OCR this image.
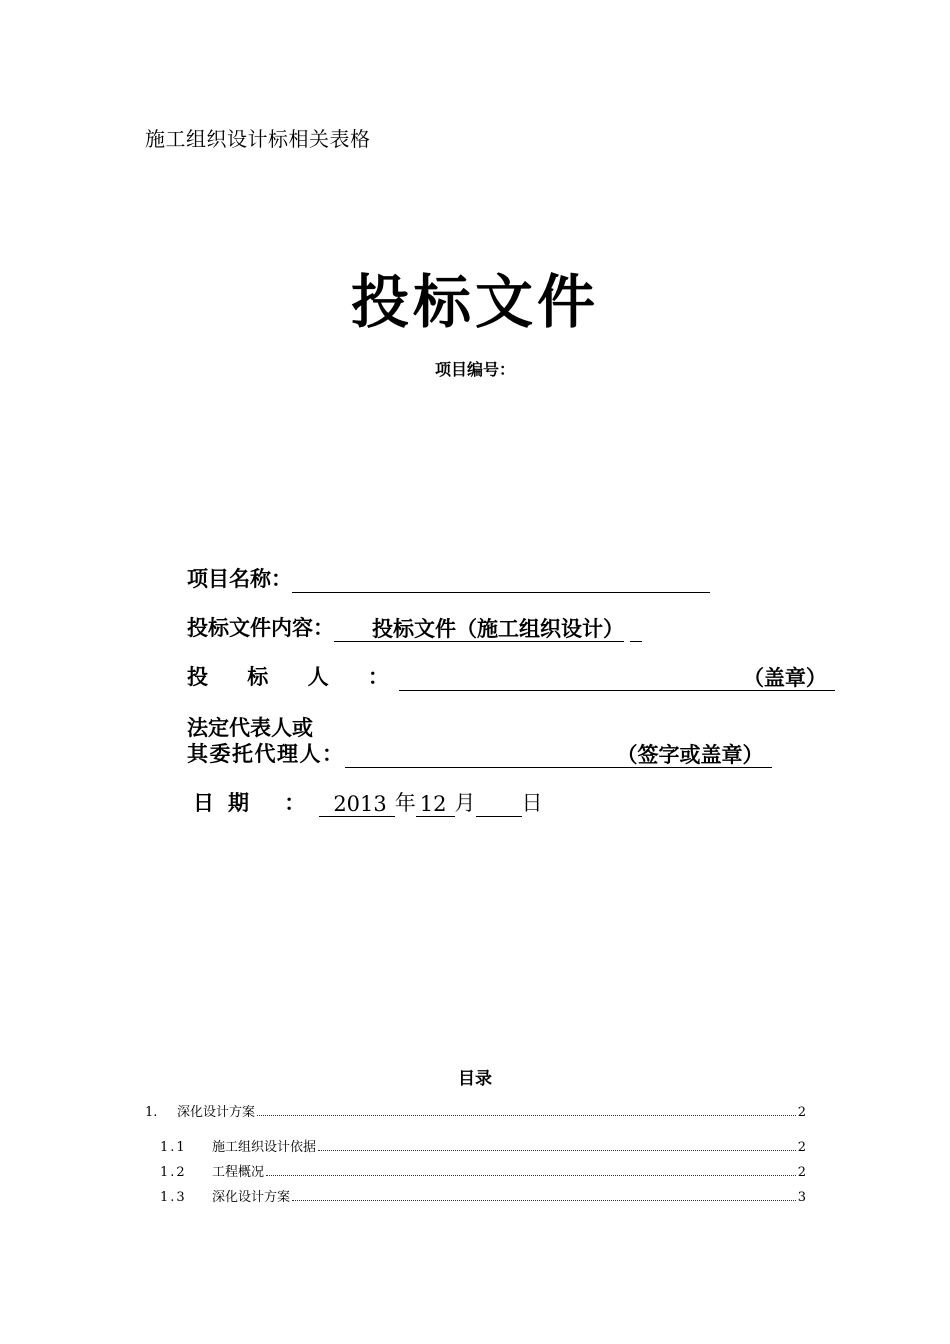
施工组织设计标相关表格
投标文件
项目编号：
项目名称：
投标文件内容： 投标文件（施工组织设计）
投 标 人 ：	（盖章）
法定代表人或
其委托代理人：	（签字或盖章）
日期 ： 2013 年 12 月 日
目录
1.	深化设计方案	2
1.1	施工组织设计依据	2
1.2	工程概况	2
1.3	深化设计方案	3
